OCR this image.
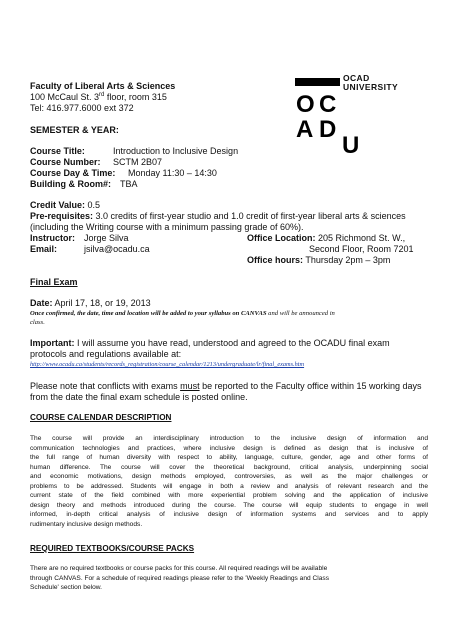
Faculty of Liberal Arts & Sciences
100 McCaul St. 3rd floor, room 315
Tel: 416.977.6000 ext 372
SEMESTER & YEAR:
Course Title:	Introduction to Inclusive Design
Course Number: SCTM 2B07
Course Day & Time: Monday 11:30 – 14:30
Building & Room#: TBA
Credit Value: 0.5
Pre-requisites: 3.0 credits of first-year studio and 1.0 credit of first-year liberal arts & sciences
(including the Writing course with a minimum passing grade of 60%).
Instructor: Jorge Silva	Office Location: 205 Richmond St. W.,
Email:	jsilva@ocadu.ca	Second Floor, Room 7201
Office hours: Thursday 2pm – 3pm
Final Exam
Date: April 17, 18, or 19, 2013
Once confirmed, the date, time and location will be added to your syllabus on CANVAS and will be announced in
class.
Important: I will assume you have read, understood and agreed to the OCADU final exam
protocols and regulations available at:
http://www.ocadu.ca/students/records_registration/course_calendar/1213/undergraduate/lr/final_exams.htm
Please note that conflicts with exams must be reported to the Faculty office within 15 working days
from the date the final exam schedule is posted online.
COURSE CALENDAR DESCRIPTION
The course will provide an interdisciplinary introduction to the inclusive design of information and
communication technologies and practices, where inclusive design is defined as design that is inclusive of
the full range of human diversity with respect to ability, language, culture, gender, age and other forms of
human difference. The course will cover the theoretical background, critical analysis, underpinning social
and economic motivations, design methods employed, controversies, as well as the major challenges or
problems to be addressed. Students will engage in both a review and analysis of relevant research and the
current state of the field combined with more experiential problem solving and the application of inclusive
design theory and methods introduced during the course. The course will equip students to engage in well
informed, in-depth critical analysis of inclusive design of information systems and services and to apply
rudimentary inclusive design methods.
REQUIRED TEXTBOOKS/COURSE PACKS
There are no required textbooks or course packs for this course. All required readings will be available
through CANVAS. For a schedule of required readings please refer to the 'Weekly Readings and Class
Schedule' section below.
O C
A D
U
OCAD
UNIVERSITY
